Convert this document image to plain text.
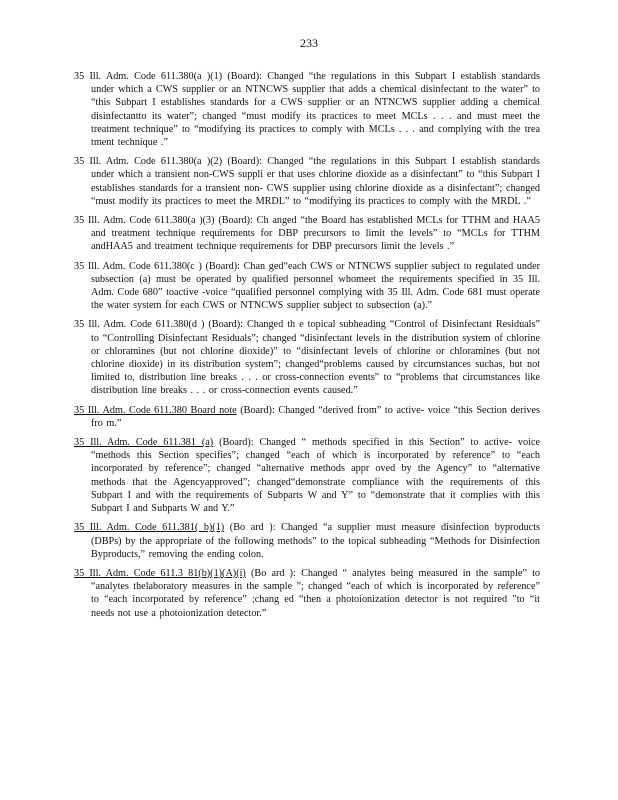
233

35 Ill. Adm. Code 611.380(a )(1) (Board): Changed “the regulations in this Subpart I establish standards under which a CWS supplier or an NTNCWS supplier that adds a chemical disinfectant to the water” to “this Subpart I establishes standards for a CWS supplier or an NTNCWS supplier adding a chemical disinfectantto its water”; changed “must modify its practices to meet MCLs . . . and must meet the treatment technique” to “modifying its practices to comply with MCLs . . . and complying with the trea tment technique .”

35 Ill. Adm. Code 611.380(a )(2) (Board): Changed “the regulations in this Subpart I establish standards under which a transient non-CWS suppli er that uses chlorine dioxide as a disinfectant” to “this Subpart I establishes standards for a transient non- CWS supplier using chlorine dioxide as a disinfectant”; changed “must modify its practices to meet the MRDL” to “modifying its practices to comply with the MRDL .”

35 Ill. Adm. Code 611.380(a )(3) (Board): Ch anged “the Board has established MCLs for TTHM and HAA5 and treatment technique requirements for DBP precursors to limit the levels” to “MCLs for TTHM andHAA5 and treatment technique requirements for DBP precursors limit the levels .”

35 Ill. Adm. Code 611.380(c ) (Board): Chan ged“each CWS or NTNCWS supplier subject to regulated under subsection (a) must be operated by qualified personnel whomeet the requirements specified in 35 Ill. Adm. Code 680” toactive -voice “qualified personnel complying with 35 Ill. Adm. Code 681 must operate the water system for each CWS or NTNCWS supplier subject to subsection (a).”

35 Ill. Adm. Code 611.380(d ) (Board): Changed th e topical subheading “Control of Disinfectant Residuals” to “Controlling Disinfectant Residuals”; changed “disinfectant levels in the distribution system of chlorine or chloramines (but not chlorine dioxide)” to “disinfectant levels of chlorine or chloramines (but not chlorine dioxide) in its distribution system”; changed“problems caused by circumstances suchas, but not limited to, distribution line breaks . . . or cross-connection events” to “problems that circumstances like distribution line breaks . . . or cross-connection events caused.”

35 Ill. Adm. Code 611.380 Board note (Board): Changed “derived from” to active- voice “this Section derives fro m.”

35 Ill. Adm. Code 611.381 (a) (Board): Changed “ methods specified in this Section” to active- voice “methods this Section specifies”; changed “each of which is incorporated by reference” to “each incorporated by reference”; changed “alternative methods appr oved by the Agency” to “alternative methods that the Agencyapproved”; changed“demonstrate compliance with the requirements of this Subpart I and with the requirements of Subparts W and Y” to “demonstrate that it complies with this Subpart I and Subparts W and Y.”

35 Ill. Adm. Code 611.381( b)(1) (Bo ard ): Changed “a supplier must measure disinfection byproducts (DBPs) by the appropriate of the following methods” to the topical subheading “Methods for Disinfection Byproducts,” removing the ending colon.

35 Ill. Adm. Code 611.3 81(b)(1)(A)(i) (Bo ard ): Changed “ analytes being measured in the sample” to “analytes thelaboratory measures in the sample ”; changed “each of which is incorporated by reference” to “each incorporated by reference” ;chang ed “then a photoionization detector is not required ”to “it needs not use a photoionization detector.”
